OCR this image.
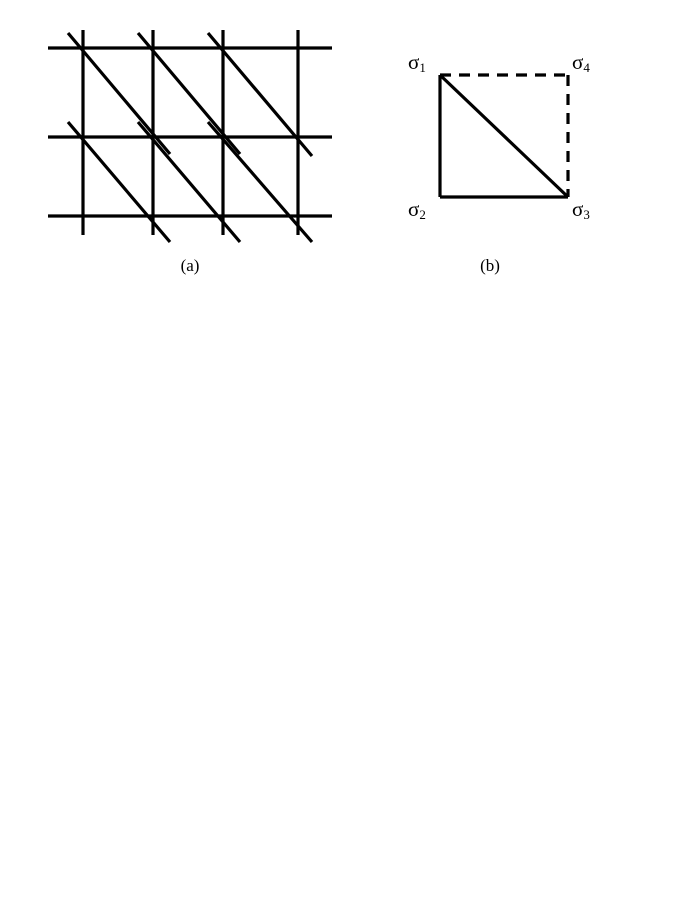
$\sigma_1$	$\sigma_4$
$\sigma_2$	$\sigma_3$
(a)	(b)
